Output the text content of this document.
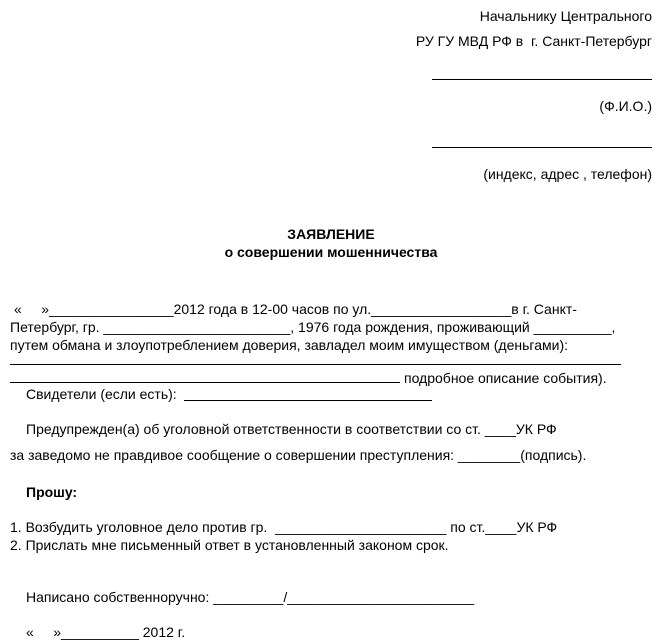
Начальнику Центрального
РУ ГУ МВД РФ в  г. Санкт-Петербург
(Ф.И.О.)
(индекс, адрес , телефон)
ЗАЯВЛЕНИЕ
о совершении мошенничества
«     »________________2012 года в 12-00 часов по ул.__________________в г. Санкт-
Петербург, гр. ________________________, 1976 года рождения, проживающий __________,
путем обмана и злоупотреблением доверия, завладел моим имуществом (деньгами):
подробное описание события).
Свидетели (если есть):
Предупрежден(а) об уголовной ответственности в соответствии со ст. ____УК РФ
за заведомо не правдивое сообщение о совершении преступления: ________(подпись).
Прошу:
1. Возбудить уголовное дело против гр.  ______________________ по ст.____УК РФ
2. Прислать мне письменный ответ в установленный законом срок.
Написано собственноручно: _________/________________________
«     »__________ 2012 г.
